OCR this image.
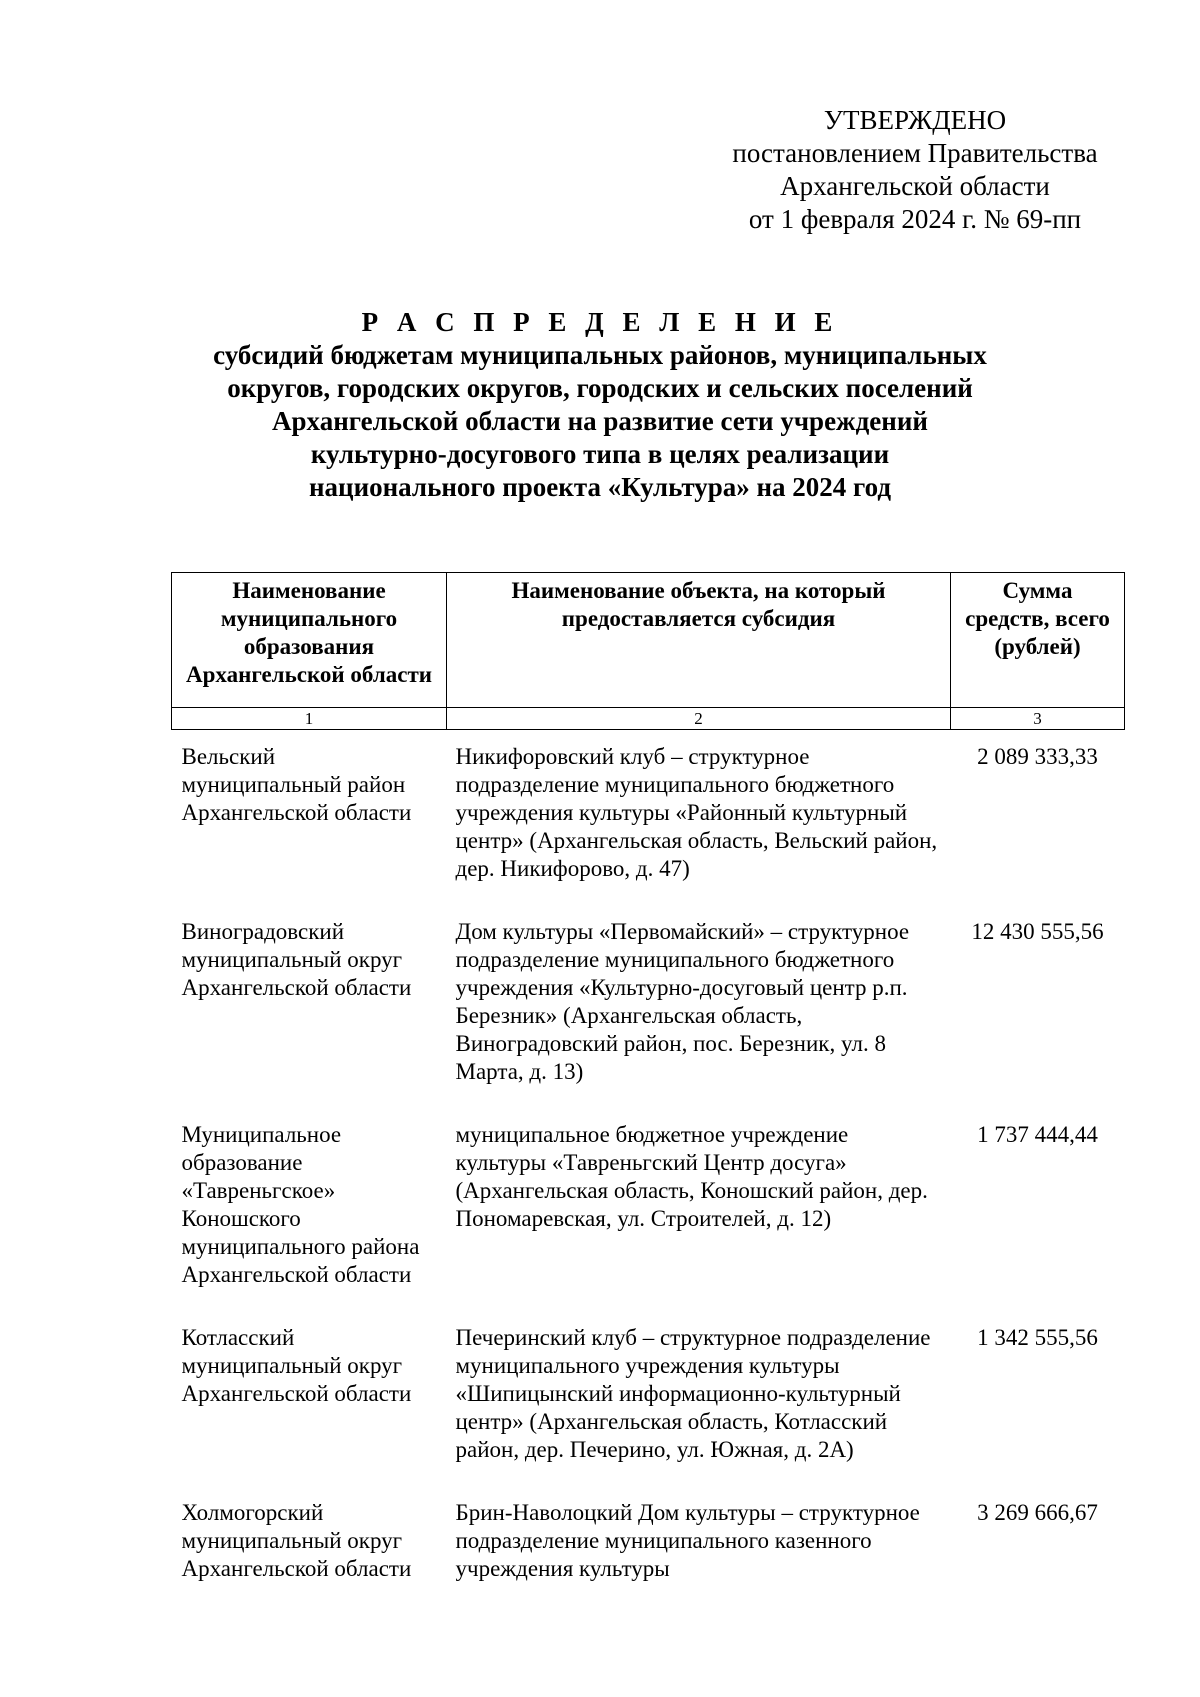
УТВЕРЖДЕНО
постановлением Правительства
Архангельской области
от 1 февраля 2024 г. № 69-пп
Р А С П Р Е Д Е Л Е Н И Е
субсидий бюджетам муниципальных районов, муниципальных
округов, городских округов, городских и сельских поселений
Архангельской области на развитие сети учреждений
культурно-досугового типа в целях реализации
национального проекта «Культура» на 2024 год
Наименование муниципального образования Архангельской области	Наименование объекта, на который предоставляется субсидия	Сумма средств, всего (рублей)
1	2	3

Вельский муниципальный район Архангельской области	Никифоровский клуб – структурное подразделение муниципального бюджетного учреждения культуры «Районный культурный центр» (Архангельская область, Вельский район, дер. Никифорово, д. 47)	2 089 333,33

Виноградовский муниципальный округ Архангельской области	Дом культуры «Первомайский» – структурное подразделение муниципального бюджетного учреждения «Культурно-досуговый центр р.п. Березник» (Архангельская область, Виноградовский район, пос. Березник, ул. 8 Марта, д. 13)	12 430 555,56

Муниципальное образование «Тавреньгское» Коношского муниципального района Архангельской области	муниципальное бюджетное учреждение культуры «Тавреньгский Центр досуга» (Архангельская область, Коношский район, дер. Пономаревская, ул. Строителей, д. 12)	1 737 444,44

Котласский муниципальный округ Архангельской области	Печеринский клуб – структурное подразделение муниципального учреждения культуры «Шипицынский информационно-культурный центр» (Архангельская область, Котласский район, дер. Печерино, ул. Южная, д. 2А)	1 342 555,56

Холмогорский муниципальный округ Архангельской области	Брин-Наволоцкий Дом культуры – структурное подразделение муниципального казенного учреждения культуры	3 269 666,67
